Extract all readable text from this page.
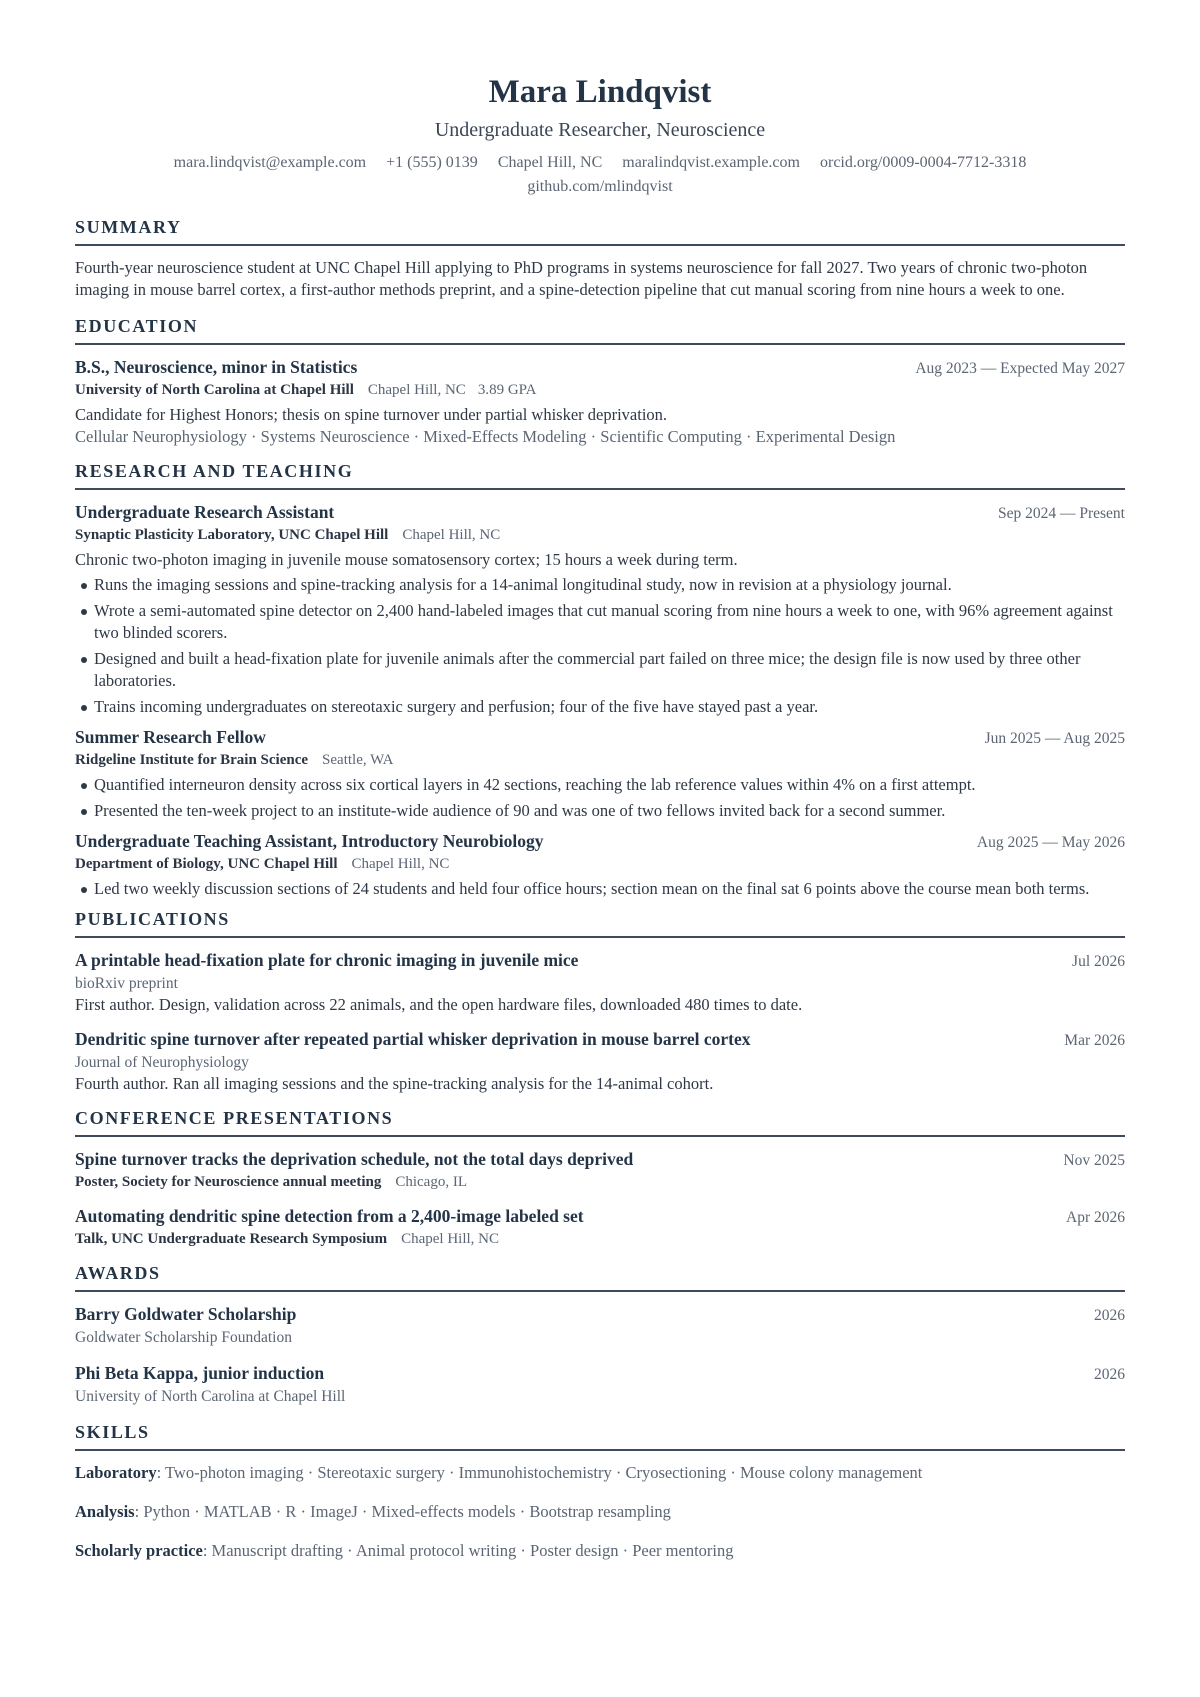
Mara Lindqvist
Undergraduate Researcher, Neuroscience
mara.lindqvist@example.com +1 (555) 0139 Chapel Hill, NC maralindqvist.example.com orcid.org/0009-0004-7712-3318
github.com/mlindqvist
SUMMARY

Fourth-year neuroscience student at UNC Chapel Hill applying to PhD programs in systems neuroscience for fall 2027. Two years of chronic two-photon imaging in mouse barrel cortex, a first-author methods preprint, and a spine-detection pipeline that cut manual scoring from nine hours a week to one.

EDUCATION
B.S., Neuroscience, minor in Statistics	Aug 2023 — Expected May 2027
University of North Carolina at Chapel Hill Chapel Hill, NC 3.89 GPA
Candidate for Highest Honors; thesis on spine turnover under partial whisker deprivation.
Cellular Neurophysiology · Systems Neuroscience · Mixed-Effects Modeling · Scientific Computing · Experimental Design
RESEARCH AND TEACHING
Undergraduate Research Assistant	Sep 2024 — Present
Synaptic Plasticity Laboratory, UNC Chapel Hill Chapel Hill, NC
Chronic two-photon imaging in juvenile mouse somatosensory cortex; 15 hours a week during term.
Runs the imaging sessions and spine-tracking analysis for a 14-animal longitudinal study, now in revision at a physiology journal.
Wrote a semi-automated spine detector on 2,400 hand-labeled images that cut manual scoring from nine hours a week to one, with 96% agreement against two blinded scorers.
Designed and built a head-fixation plate for juvenile animals after the commercial part failed on three mice; the design file is now used by three other laboratories.
Trains incoming undergraduates on stereotaxic surgery and perfusion; four of the five have stayed past a year.
Summer Research Fellow	Jun 2025 — Aug 2025
Ridgeline Institute for Brain Science Seattle, WA
Quantified interneuron density across six cortical layers in 42 sections, reaching the lab reference values within 4% on a first attempt.
Presented the ten-week project to an institute-wide audience of 90 and was one of two fellows invited back for a second summer.
Undergraduate Teaching Assistant, Introductory Neurobiology	Aug 2025 — May 2026
Department of Biology, UNC Chapel Hill Chapel Hill, NC
Led two weekly discussion sections of 24 students and held four office hours; section mean on the final sat 6 points above the course mean both terms.
PUBLICATIONS
A printable head-fixation plate for chronic imaging in juvenile mice	Jul 2026
bioRxiv preprint
First author. Design, validation across 22 animals, and the open hardware files, downloaded 480 times to date.
Dendritic spine turnover after repeated partial whisker deprivation in mouse barrel cortex	Mar 2026
Journal of Neurophysiology
Fourth author. Ran all imaging sessions and the spine-tracking analysis for the 14-animal cohort.
CONFERENCE PRESENTATIONS
Spine turnover tracks the deprivation schedule, not the total days deprived	Nov 2025
Poster, Society for Neuroscience annual meeting Chicago, IL
Automating dendritic spine detection from a 2,400-image labeled set	Apr 2026
Talk, UNC Undergraduate Research Symposium Chapel Hill, NC
AWARDS
Barry Goldwater Scholarship	2026
Goldwater Scholarship Foundation
Phi Beta Kappa, junior induction	2026
University of North Carolina at Chapel Hill
SKILLS
Laboratory: Two-photon imaging · Stereotaxic surgery · Immunohistochemistry · Cryosectioning · Mouse colony management
Analysis: Python · MATLAB · R · ImageJ · Mixed-effects models · Bootstrap resampling
Scholarly practice: Manuscript drafting · Animal protocol writing · Poster design · Peer mentoring
